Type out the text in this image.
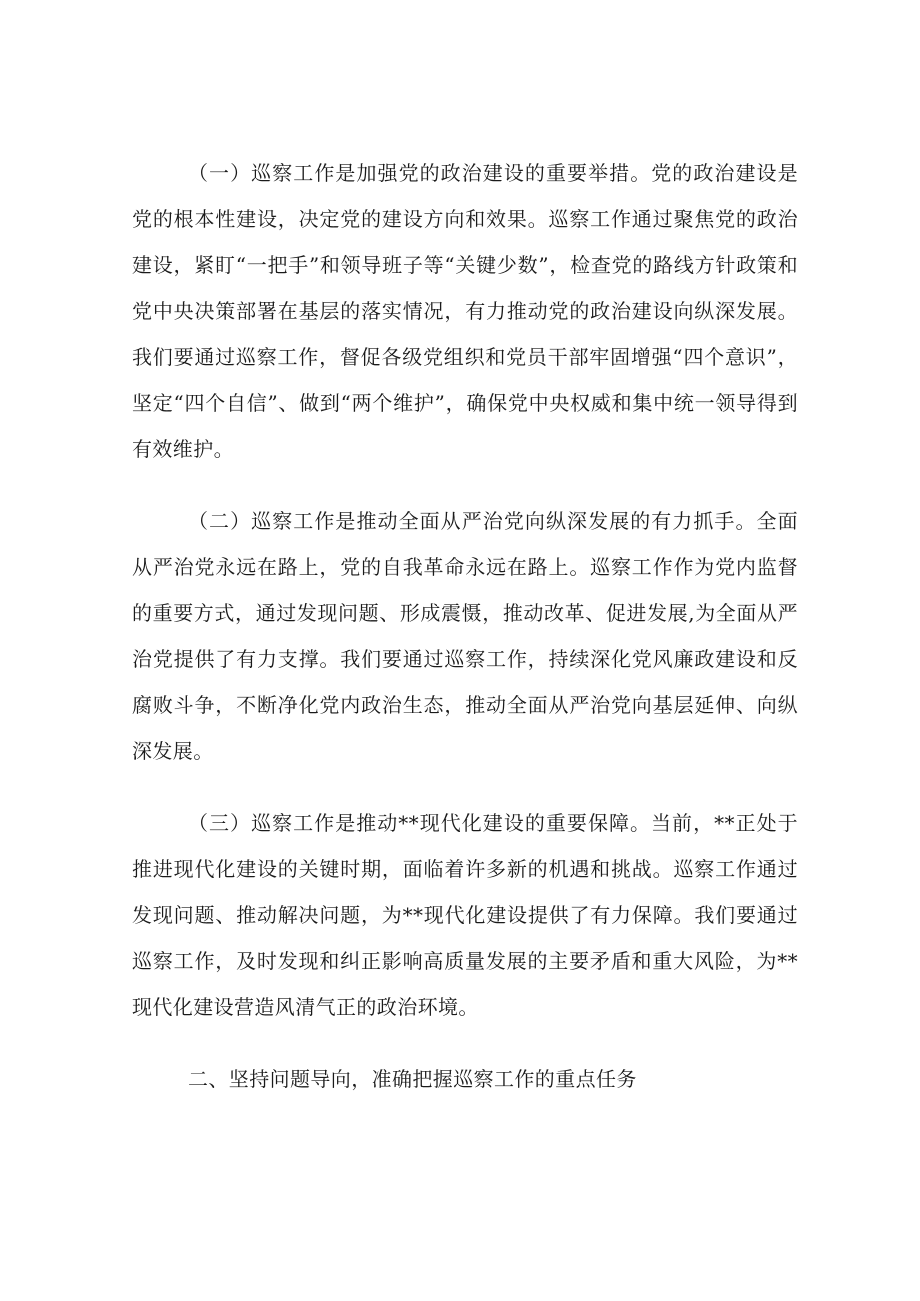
（一）巡察工作是加强党的政治建设的重要举措。党的政治建设是党的根本性建设，决定党的建设方向和效果。巡察工作通过聚焦党的政治建设，紧盯“一把手”和领导班子等“关键少数”，检查党的路线方针政策和党中央决策部署在基层的落实情况，有力推动党的政治建设向纵深发展。我们要通过巡察工作，督促各级党组织和党员干部牢固增强“四个意识”，坚定“四个自信”、做到“两个维护”，确保党中央权威和集中统一领导得到有效维护。

（二）巡察工作是推动全面从严治党向纵深发展的有力抓手。全面从严治党永远在路上，党的自我革命永远在路上。巡察工作作为党内监督的重要方式，通过发现问题、形成震慑，推动改革、促进发展,为全面从严治党提供了有力支撑。我们要通过巡察工作，持续深化党风廉政建设和反腐败斗争，不断净化党内政治生态，推动全面从严治党向基层延伸、向纵深发展。

（三）巡察工作是推动**现代化建设的重要保障。当前，**正处于推进现代化建设的关键时期，面临着许多新的机遇和挑战。巡察工作通过发现问题、推动解决问题，为**现代化建设提供了有力保障。我们要通过巡察工作，及时发现和纠正影响高质量发展的主要矛盾和重大风险，为**现代化建设营造风清气正的政治环境。

二、坚持问题导向，准确把握巡察工作的重点任务
